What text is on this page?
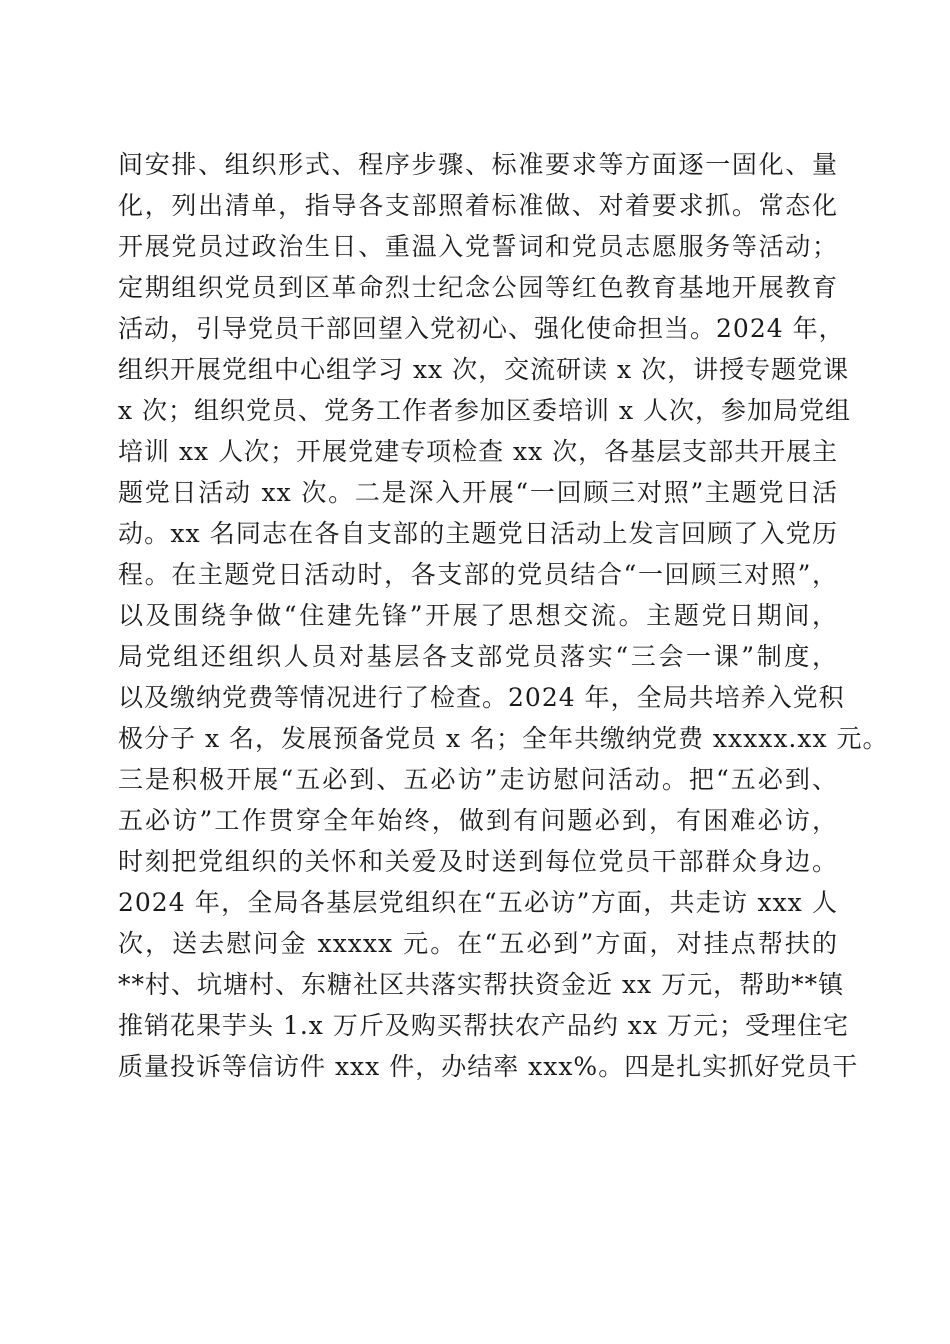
间安排、组织形式、程序步骤、标准要求等方面逐一固化、量
化，列出清单，指导各支部照着标准做、对着要求抓。常态化
开展党员过政治生日、重温入党誓词和党员志愿服务等活动；
定期组织党员到区革命烈士纪念公园等红色教育基地开展教育
活动，引导党员干部回望入党初心、强化使命担当。2024 年，
组织开展党组中心组学习 xx 次，交流研读 x 次，讲授专题党课
x 次；组织党员、党务工作者参加区委培训 x 人次，参加局党组
培训 xx 人次；开展党建专项检查 xx 次，各基层支部共开展主
题党日活动 xx 次。二是深入开展“一回顾三对照”主题党日活
动。xx 名同志在各自支部的主题党日活动上发言回顾了入党历
程。在主题党日活动时，各支部的党员结合“一回顾三对照”，
以及围绕争做“住建先锋”开展了思想交流。主题党日期间，
局党组还组织人员对基层各支部党员落实“三会一课”制度，
以及缴纳党费等情况进行了检查。2024 年，全局共培养入党积
极分子 x 名，发展预备党员 x 名；全年共缴纳党费 xxxxx.xx 元。
三是积极开展“五必到、五必访”走访慰问活动。把“五必到、
五必访”工作贯穿全年始终，做到有问题必到，有困难必访，
时刻把党组织的关怀和关爱及时送到每位党员干部群众身边。
2024 年，全局各基层党组织在“五必访”方面，共走访 xxx 人
次，送去慰问金 xxxxx 元。在“五必到”方面，对挂点帮扶的
**村、坑塘村、东糖社区共落实帮扶资金近 xx 万元，帮助**镇
推销花果芋头 1.x 万斤及购买帮扶农产品约 xx 万元；受理住宅
质量投诉等信访件 xxx 件，办结率 xxx%。四是扎实抓好党员干
